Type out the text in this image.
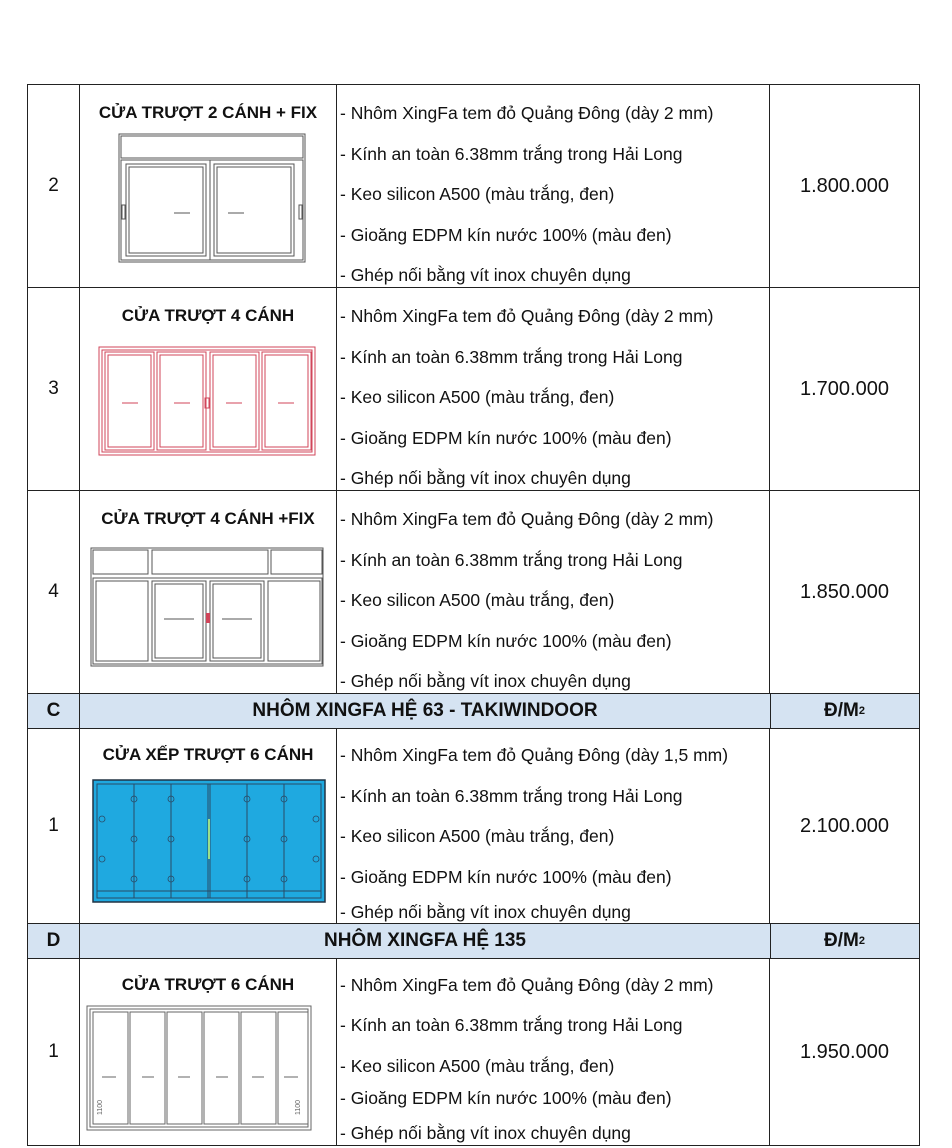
2
CỬA TRƯỢT 2 CÁNH + FIX	- Nhôm XingFa tem đỏ Quảng Đông (dày 2 mm)
- Kính an toàn 6.38mm trắng trong Hải Long
- Keo silicon A500 (màu trắng, đen)
- Gioăng EDPM kín nước 100% (màu đen)
- Ghép nối bằng vít inox chuyên dụng
1.800.000
3
CỬA TRƯỢT 4 CÁNH	- Nhôm XingFa tem đỏ Quảng Đông (dày 2 mm)
- Kính an toàn 6.38mm trắng trong Hải Long
- Keo silicon A500 (màu trắng, đen)
- Gioăng EDPM kín nước 100% (màu đen)
- Ghép nối bằng vít inox chuyên dụng
1.700.000
4
CỬA TRƯỢT 4 CÁNH +FIX	- Nhôm XingFa tem đỏ Quảng Đông (dày 2 mm)
- Kính an toàn 6.38mm trắng trong Hải Long
- Keo silicon A500 (màu trắng, đen)
- Gioăng EDPM kín nước 100% (màu đen)
- Ghép nối bằng vít inox chuyên dụng
1.850.000
C	NHÔM XINGFA HỆ 63 - TAKIWINDOOR	Đ/M 2
1
CỬA XẾP TRƯỢT 6 CÁNH	- Nhôm XingFa tem đỏ Quảng Đông (dày 1,5 mm)
- Kính an toàn 6.38mm trắng trong Hải Long
- Keo silicon A500 (màu trắng, đen)
- Gioăng EDPM kín nước 100% (màu đen)
- Ghép nối bằng vít inox chuyên dụng
2.100.000
D	NHÔM XINGFA HỆ 135	Đ/M 2
1
CỬA TRƯỢT 6 CÁNH
1100	1100
- Nhôm XingFa tem đỏ Quảng Đông (dày 2 mm)
- Kính an toàn 6.38mm trắng trong Hải Long
- Keo silicon A500 (màu trắng, đen)
- Gioăng EDPM kín nước 100% (màu đen)
- Ghép nối bằng vít inox chuyên dụng
1.950.000
